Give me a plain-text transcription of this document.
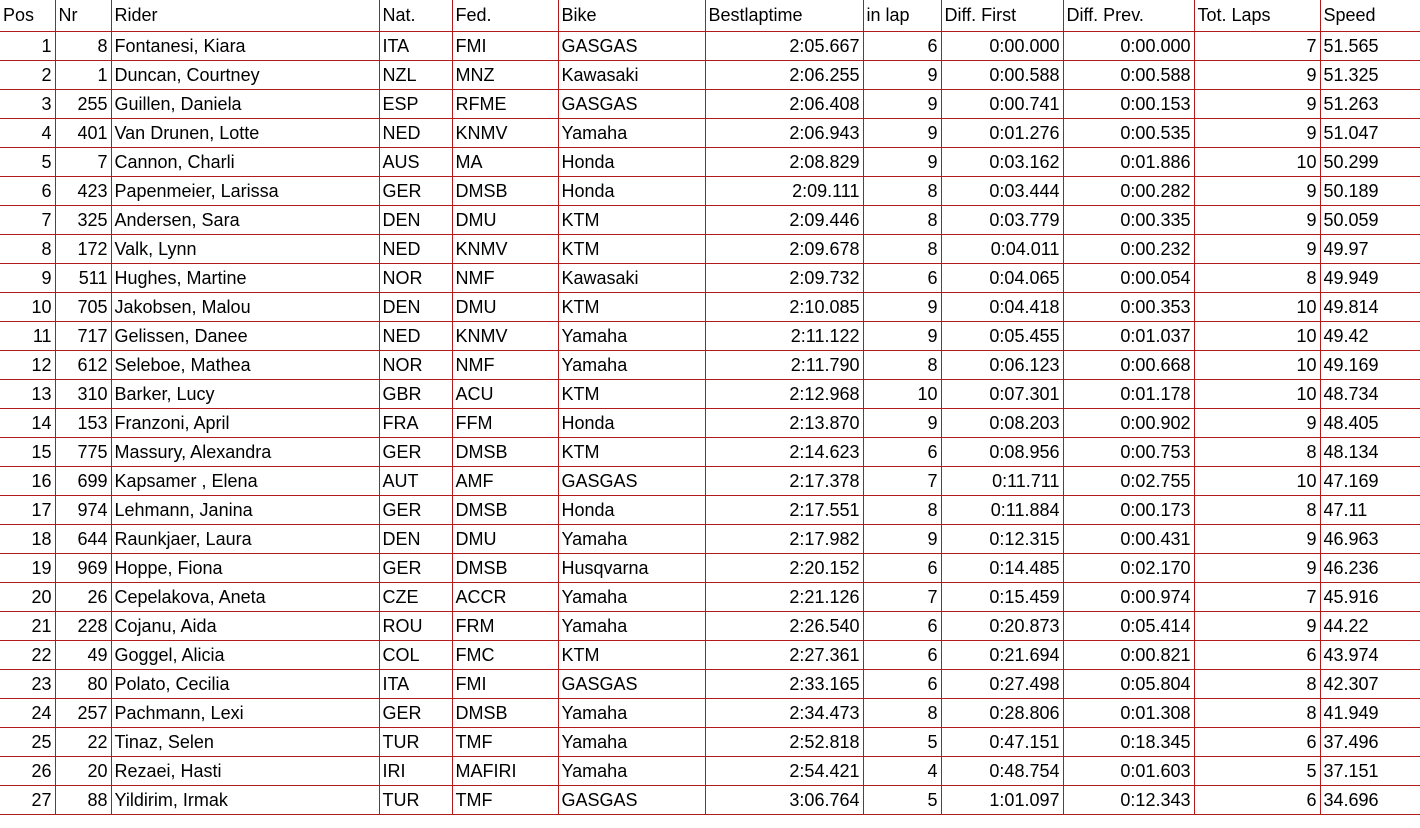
Pos	Nr	Rider	Nat.	Fed.	Bike	Bestlaptime	in lap	Diff. First	Diff. Prev.	Tot. Laps	Speed
1	8	Fontanesi, Kiara	ITA	FMI	GASGAS	2:05.667	6	0:00.000	0:00.000	7	51.565
2	1	Duncan, Courtney	NZL	MNZ	Kawasaki	2:06.255	9	0:00.588	0:00.588	9	51.325
3	255	Guillen, Daniela	ESP	RFME	GASGAS	2:06.408	9	0:00.741	0:00.153	9	51.263
4	401	Van Drunen, Lotte	NED	KNMV	Yamaha	2:06.943	9	0:01.276	0:00.535	9	51.047
5	7	Cannon, Charli	AUS	MA	Honda	2:08.829	9	0:03.162	0:01.886	10	50.299
6	423	Papenmeier, Larissa	GER	DMSB	Honda	2:09.111	8	0:03.444	0:00.282	9	50.189
7	325	Andersen, Sara	DEN	DMU	KTM	2:09.446	8	0:03.779	0:00.335	9	50.059
8	172	Valk, Lynn	NED	KNMV	KTM	2:09.678	8	0:04.011	0:00.232	9	49.97
9	511	Hughes, Martine	NOR	NMF	Kawasaki	2:09.732	6	0:04.065	0:00.054	8	49.949
10	705	Jakobsen, Malou	DEN	DMU	KTM	2:10.085	9	0:04.418	0:00.353	10	49.814
11	717	Gelissen, Danee	NED	KNMV	Yamaha	2:11.122	9	0:05.455	0:01.037	10	49.42
12	612	Seleboe, Mathea	NOR	NMF	Yamaha	2:11.790	8	0:06.123	0:00.668	10	49.169
13	310	Barker, Lucy	GBR	ACU	KTM	2:12.968	10	0:07.301	0:01.178	10	48.734
14	153	Franzoni, April	FRA	FFM	Honda	2:13.870	9	0:08.203	0:00.902	9	48.405
15	775	Massury, Alexandra	GER	DMSB	KTM	2:14.623	6	0:08.956	0:00.753	8	48.134
16	699	Kapsamer , Elena	AUT	AMF	GASGAS	2:17.378	7	0:11.711	0:02.755	10	47.169
17	974	Lehmann, Janina	GER	DMSB	Honda	2:17.551	8	0:11.884	0:00.173	8	47.11
18	644	Raunkjaer, Laura	DEN	DMU	Yamaha	2:17.982	9	0:12.315	0:00.431	9	46.963
19	969	Hoppe, Fiona	GER	DMSB	Husqvarna	2:20.152	6	0:14.485	0:02.170	9	46.236
20	26	Cepelakova, Aneta	CZE	ACCR	Yamaha	2:21.126	7	0:15.459	0:00.974	7	45.916
21	228	Cojanu, Aida	ROU	FRM	Yamaha	2:26.540	6	0:20.873	0:05.414	9	44.22
22	49	Goggel, Alicia	COL	FMC	KTM	2:27.361	6	0:21.694	0:00.821	6	43.974
23	80	Polato, Cecilia	ITA	FMI	GASGAS	2:33.165	6	0:27.498	0:05.804	8	42.307
24	257	Pachmann, Lexi	GER	DMSB	Yamaha	2:34.473	8	0:28.806	0:01.308	8	41.949
25	22	Tinaz, Selen	TUR	TMF	Yamaha	2:52.818	5	0:47.151	0:18.345	6	37.496
26	20	Rezaei, Hasti	IRI	MAFIRI	Yamaha	2:54.421	4	0:48.754	0:01.603	5	37.151
27	88	Yildirim, Irmak	TUR	TMF	GASGAS	3:06.764	5	1:01.097	0:12.343	6	34.696
